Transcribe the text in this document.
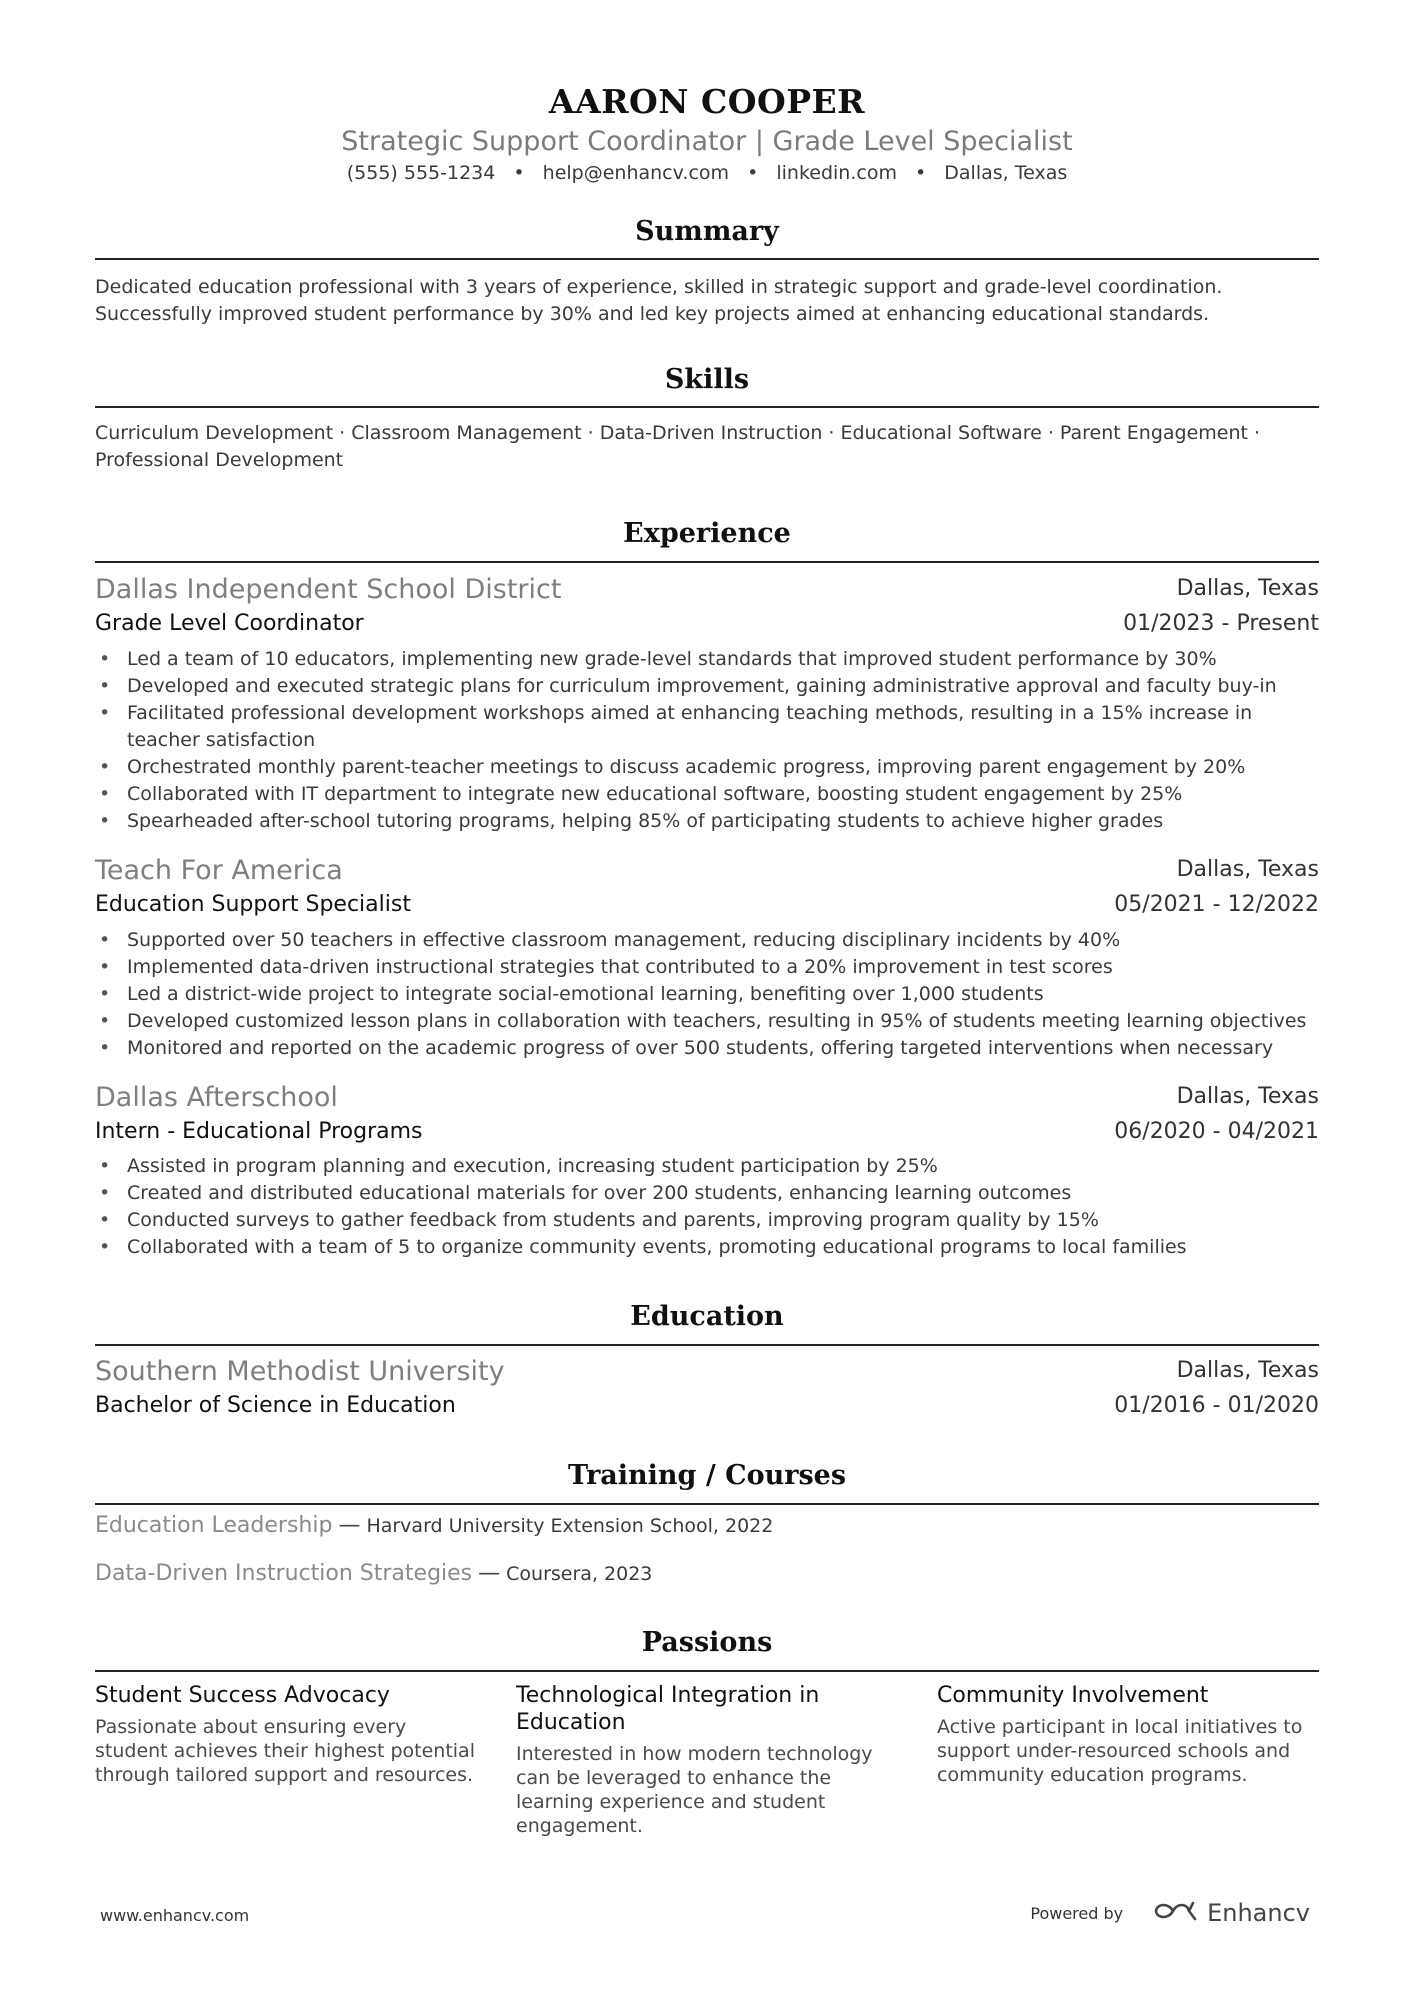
AARON COOPER
Strategic Support Coordinator | Grade Level Specialist
(555) 555-1234 • help@enhancv.com • linkedin.com • Dallas, Texas
Summary
Dedicated education professional with 3 years of experience, skilled in strategic support and grade-level coordination. Successfully improved student performance by 30% and led key projects aimed at enhancing educational standards.
Skills
Curriculum Development · Classroom Management · Data-Driven Instruction · Educational Software · Parent Engagement · Professional Development
Experience
Dallas Independent School District	Dallas, Texas
Grade Level Coordinator	01/2023 - Present
• Led a team of 10 educators, implementing new grade-level standards that improved student performance by 30%
• Developed and executed strategic plans for curriculum improvement, gaining administrative approval and faculty buy-in
• Facilitated professional development workshops aimed at enhancing teaching methods, resulting in a 15% increase in teacher satisfaction
• Orchestrated monthly parent-teacher meetings to discuss academic progress, improving parent engagement by 20%
• Collaborated with IT department to integrate new educational software, boosting student engagement by 25%
• Spearheaded after-school tutoring programs, helping 85% of participating students to achieve higher grades
Teach For America	Dallas, Texas
Education Support Specialist	05/2021 - 12/2022
• Supported over 50 teachers in effective classroom management, reducing disciplinary incidents by 40%
• Implemented data-driven instructional strategies that contributed to a 20% improvement in test scores
• Led a district-wide project to integrate social-emotional learning, benefiting over 1,000 students
• Developed customized lesson plans in collaboration with teachers, resulting in 95% of students meeting learning objectives
• Monitored and reported on the academic progress of over 500 students, offering targeted interventions when necessary
Dallas Afterschool	Dallas, Texas
Intern - Educational Programs	06/2020 - 04/2021
• Assisted in program planning and execution, increasing student participation by 25%
• Created and distributed educational materials for over 200 students, enhancing learning outcomes
• Conducted surveys to gather feedback from students and parents, improving program quality by 15%
• Collaborated with a team of 5 to organize community events, promoting educational programs to local families
Education
Southern Methodist University	Dallas, Texas
Bachelor of Science in Education	01/2016 - 01/2020
Training / Courses
Education Leadership — Harvard University Extension School, 2022
Data-Driven Instruction Strategies — Coursera, 2023
Passions
Student Success Advocacy
Passionate about ensuring every student achieves their highest potential through tailored support and resources.
Technological Integration in Education
Interested in how modern technology can be leveraged to enhance the learning experience and student engagement.
Community Involvement
Active participant in local initiatives to support under-resourced schools and community education programs.
www.enhancv.com	Powered by	Enhancv
